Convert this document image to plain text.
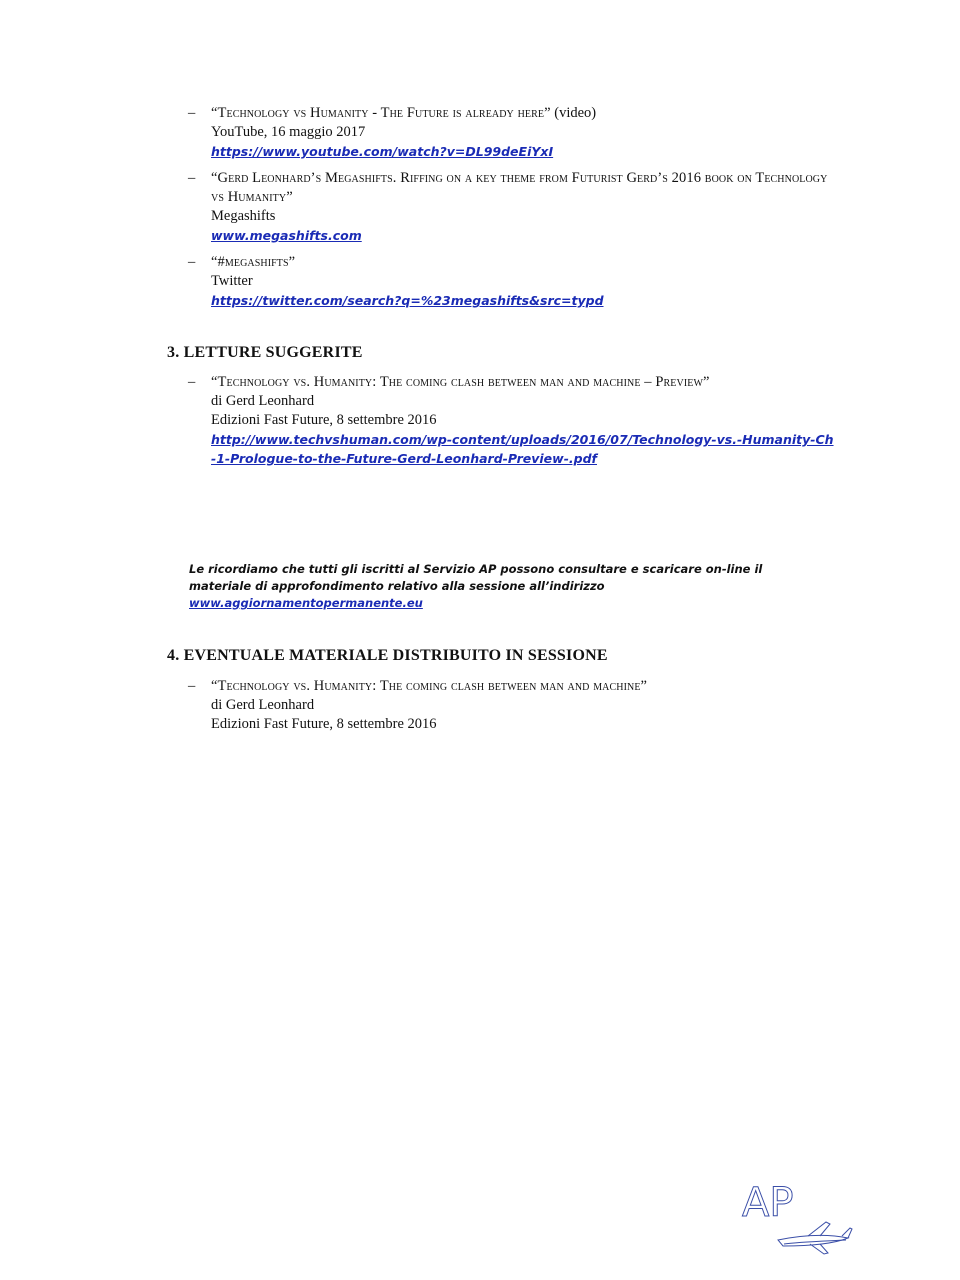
– “Technology vs Humanity - The Future is already here” (video)
YouTube, 16 maggio 2017
https://www.youtube.com/watch?v=DL99deEiYxI
– “Gerd Leonhard’s Megashifts. Riffing on a key theme from Futurist Gerd’s 2016 book on Technology vs Humanity”
Megashifts
www.megashifts.com
– “#megashifts”
Twitter
https://twitter.com/search?q=%23megashifts&src=typd
3. LETTURE SUGGERITE
– “Technology vs. Humanity: The coming clash between man and machine – Preview”
di Gerd Leonhard
Edizioni Fast Future, 8 settembre 2016
http://www.techvshuman.com/wp-content/uploads/2016/07/Technology-vs.-Humanity-Ch-1-Prologue-to-the-Future-Gerd-Leonhard-Preview-.pdf
Le ricordiamo che tutti gli iscritti al Servizio AP possono consultare e scaricare on-line il materiale di approfondimento relativo alla sessione all’indirizzo
www.aggiornamentopermanente.eu
4. EVENTUALE MATERIALE DISTRIBUITO IN SESSIONE
– “Technology vs. Humanity: The coming clash between man and machine”
di Gerd Leonhard
Edizioni Fast Future, 8 settembre 2016
AP
